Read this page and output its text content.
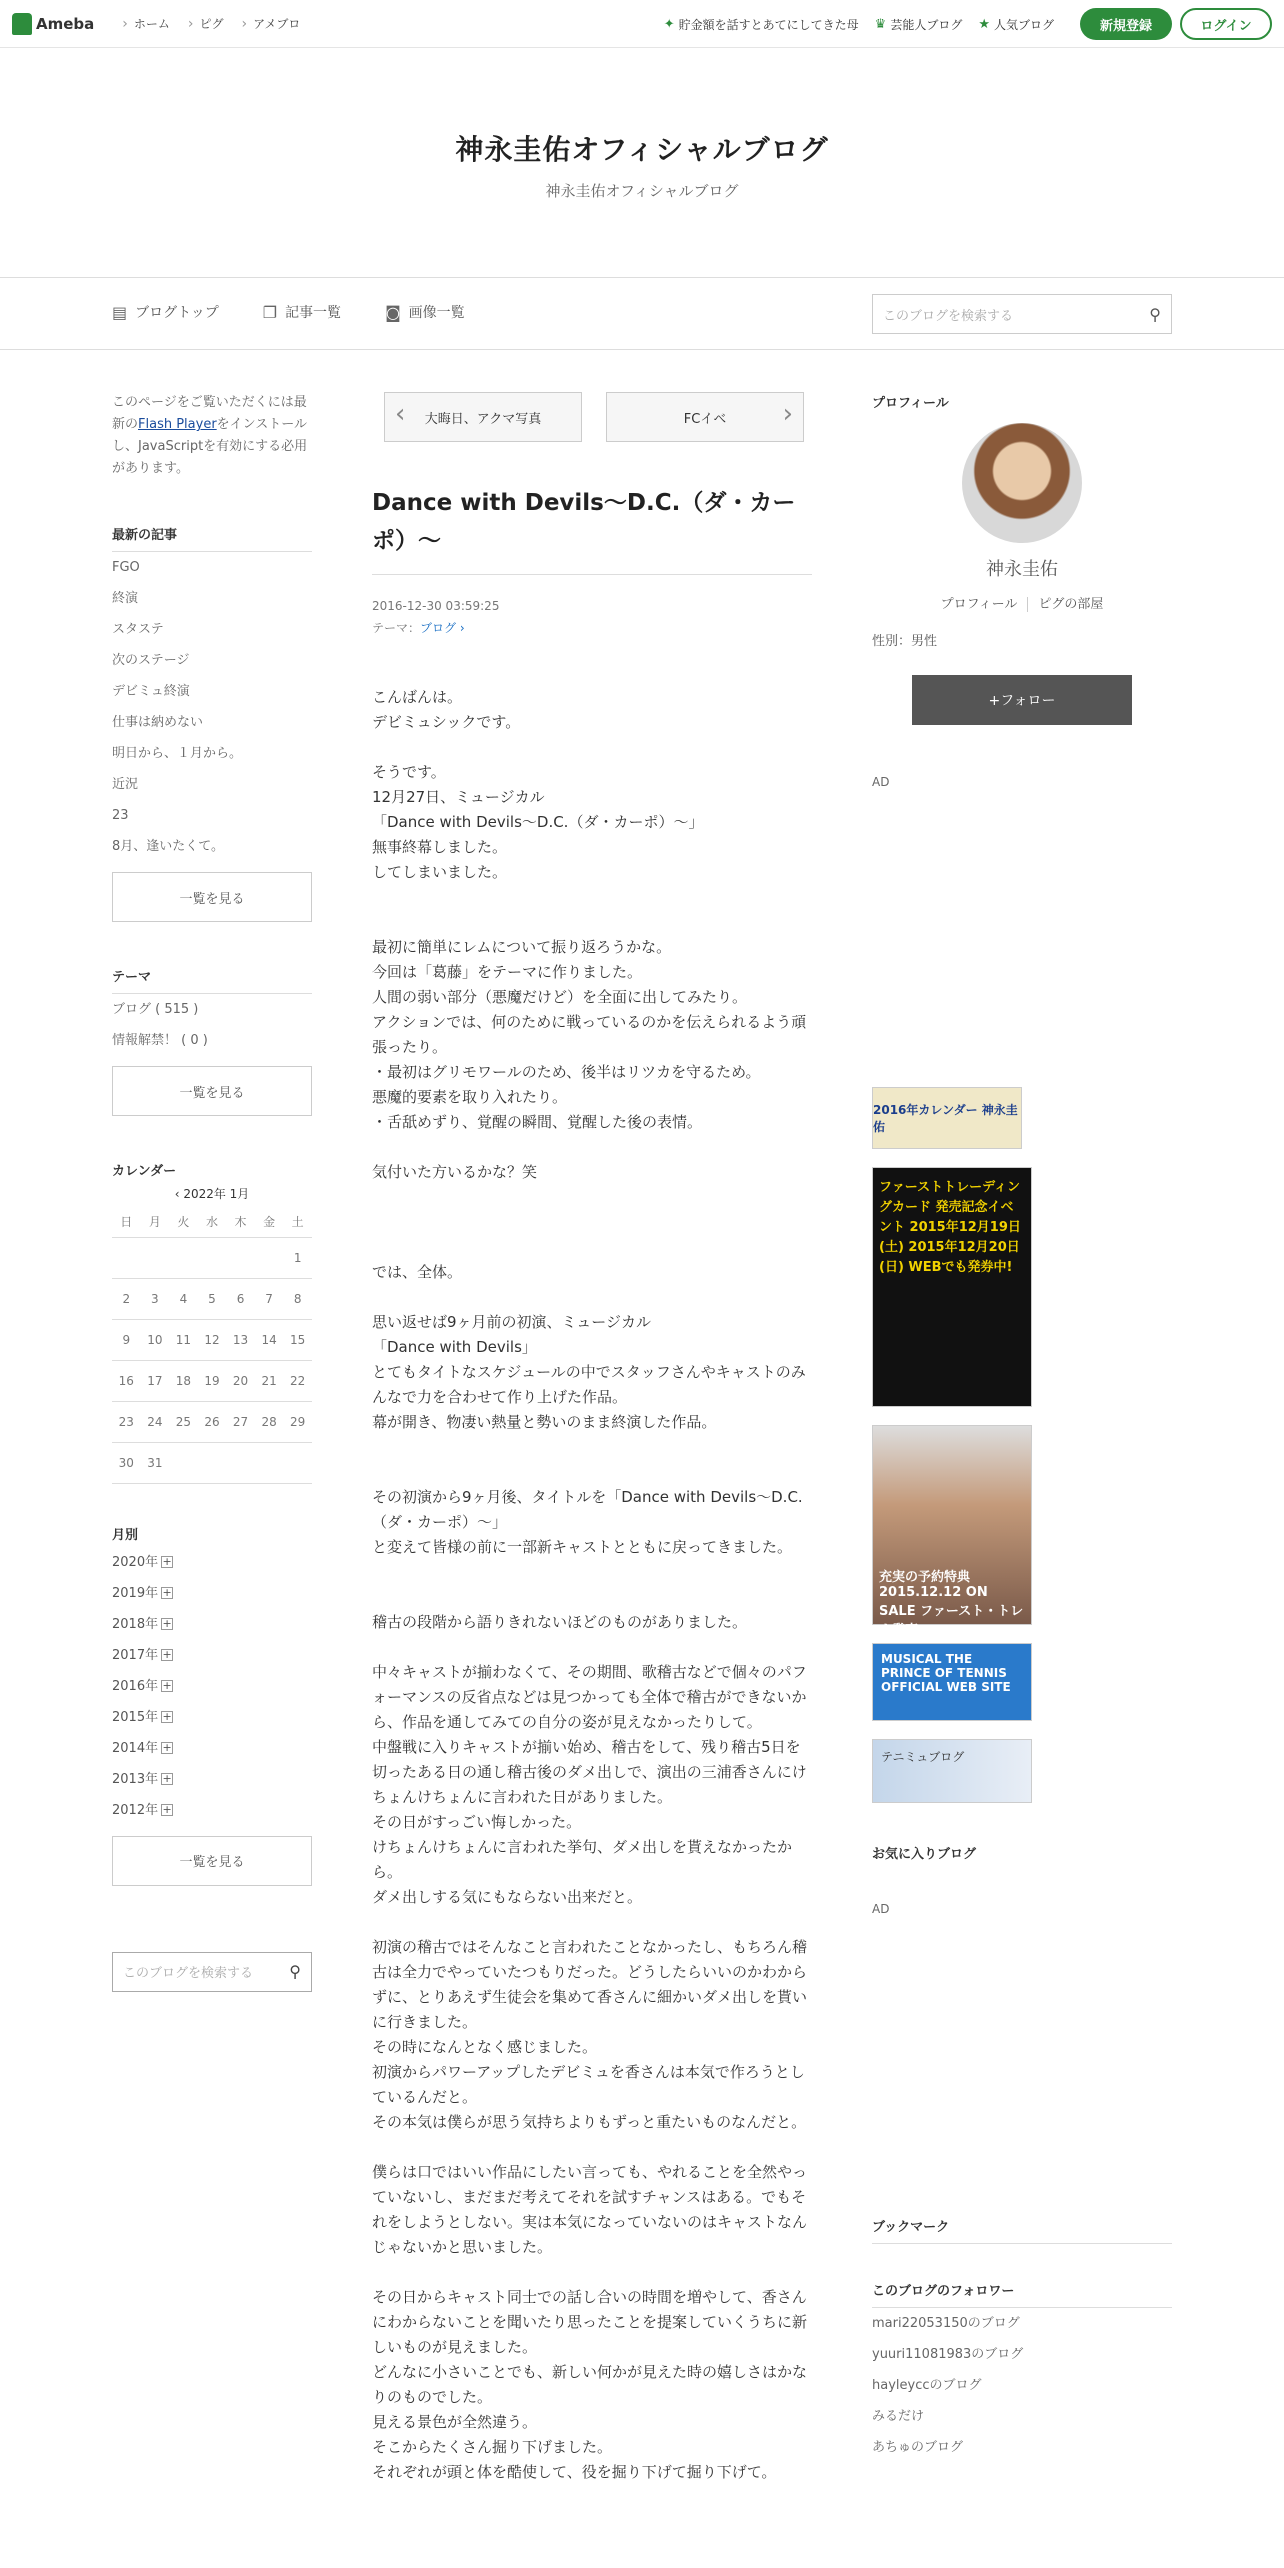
Ameba	› ホーム	› ピグ	› アメブロ	✦ 貯金額を話すとあてにしてきた母 ♛ 芸能人ブログ ★ 人気ブログ	新規登録	ログイン
神永圭佑オフィシャルブログ
神永圭佑オフィシャルブログ
▤ ブログトップ	❐ 記事一覧	◙ 画像一覧	このブログを検索する	⚲
このページをご覧いただくには最新のFlash Playerをインストールし、JavaScriptを有効にする必用があります。
最新の記事
FGO
終演
スタステ
次のステージ
デビミュ終演
仕事は納めない
明日から、１月から。
近況
23
8月、逢いたくて。
一覧を見る
テーマ
ブログ ( 515 )
情報解禁！ ( 0 )
一覧を見る
カレンダー
‹ 2022年 1月
日	月	火	水	木	金	土
						1
2	3	4	5	6	7	8
9	10	11	12	13	14	15
16	17	18	19	20	21	22
23	24	25	26	27	28	29
30	31					
月別
2020年 +
2019年 +
2018年 +
2017年 +
2016年 +
2015年 +
2014年 +
2013年 +
2012年 +
一覧を見る
このブログを検索する ⚲
‹ 大晦日、アクマ写真	FCイベ ›
Dance with Devils～D.C.（ダ・カーポ）～
2016-12-30 03:59:25
テーマ：ブログ ›

こんばんは。

デビミュシックです。

そうです。

12月27日、ミュージカル

「Dance with Devils～D.C.（ダ・カーポ）～」

無事終幕しました。

してしまいました。

最初に簡単にレムについて振り返ろうかな。

今回は「葛藤」をテーマに作りました。

人間の弱い部分（悪魔だけど）を全面に出してみたり。

アクションでは、何のために戦っているのかを伝えられるよう頑張ったり。

・最初はグリモワールのため、後半はリツカを守るため。

悪魔的要素を取り入れたり。

・舌舐めずり、覚醒の瞬間、覚醒した後の表情。

気付いた方いるかな？笑

では、全体。

思い返せば9ヶ月前の初演、ミュージカル

「Dance with Devils」

とてもタイトなスケジュールの中でスタッフさんやキャストのみんなで力を合わせて作り上げた作品。

幕が開き、物凄い熱量と勢いのまま終演した作品。

その初演から9ヶ月後、タイトルを「Dance with Devils～D.C.（ダ・カーポ）～」

と変えて皆様の前に一部新キャストとともに戻ってきました。

稽古の段階から語りきれないほどのものがありました。

中々キャストが揃わなくて、その期間、歌稽古などで個々のパフォーマンスの反省点などは見つかっても全体で稽古ができないから、作品を通してみての自分の姿が見えなかったりして。

中盤戦に入りキャストが揃い始め、稽古をして、残り稽古5日を切ったある日の通し稽古後のダメ出しで、演出の三浦香さんにけちょんけちょんに言われた日がありました。

その日がすっごい悔しかった。

けちょんけちょんに言われた挙句、ダメ出しを貰えなかったから。

ダメ出しする気にもならない出来だと。

初演の稽古ではそんなこと言われたことなかったし、もちろん稽古は全力でやっていたつもりだった。どうしたらいいのかわからずに、とりあえず生徒会を集めて香さんに細かいダメ出しを貰いに行きました。

その時になんとなく感じました。

初演からパワーアップしたデビミュを香さんは本気で作ろうとしているんだと。

その本気は僕らが思う気持ちよりもずっと重たいものなんだと。

僕らは口ではいい作品にしたい言っても、やれることを全然やっていないし、まだまだ考えてそれを試すチャンスはある。でもそれをしようとしない。実は本気になっていないのはキャストなんじゃないかと思いました。

その日からキャスト同士での話し合いの時間を増やして、香さんにわからないことを聞いたり思ったことを提案していくうちに新しいものが見えました。

どんなに小さいことでも、新しい何かが見えた時の嬉しさはかなりのものでした。

見える景色が全然違う。

そこからたくさん掘り下げました。

それぞれが頭と体を酷使して、役を掘り下げて掘り下げて。

プロフィール
神永圭佑
プロフィール ピグの部屋
性別：男性
+フォロー
AD
2016年カレンダー 神永圭佑
ファーストトレーディングカード 発売記念イベント 2015年12月19日(土) 2015年12月20日(日) WEBでも発券中!
充実の予約特典 2015.12.12 ON SALE ファースト・トレカ発売
MUSICAL THE PRINCE OF TENNIS OFFICIAL WEB SITE
テニミュブログ
お気に入りブログ
AD
ブックマーク
このブログのフォロワー
mari22053150のブログ
yuuri11081983のブログ
hayleyccのブログ
みるだけ
あちゅのブログ
